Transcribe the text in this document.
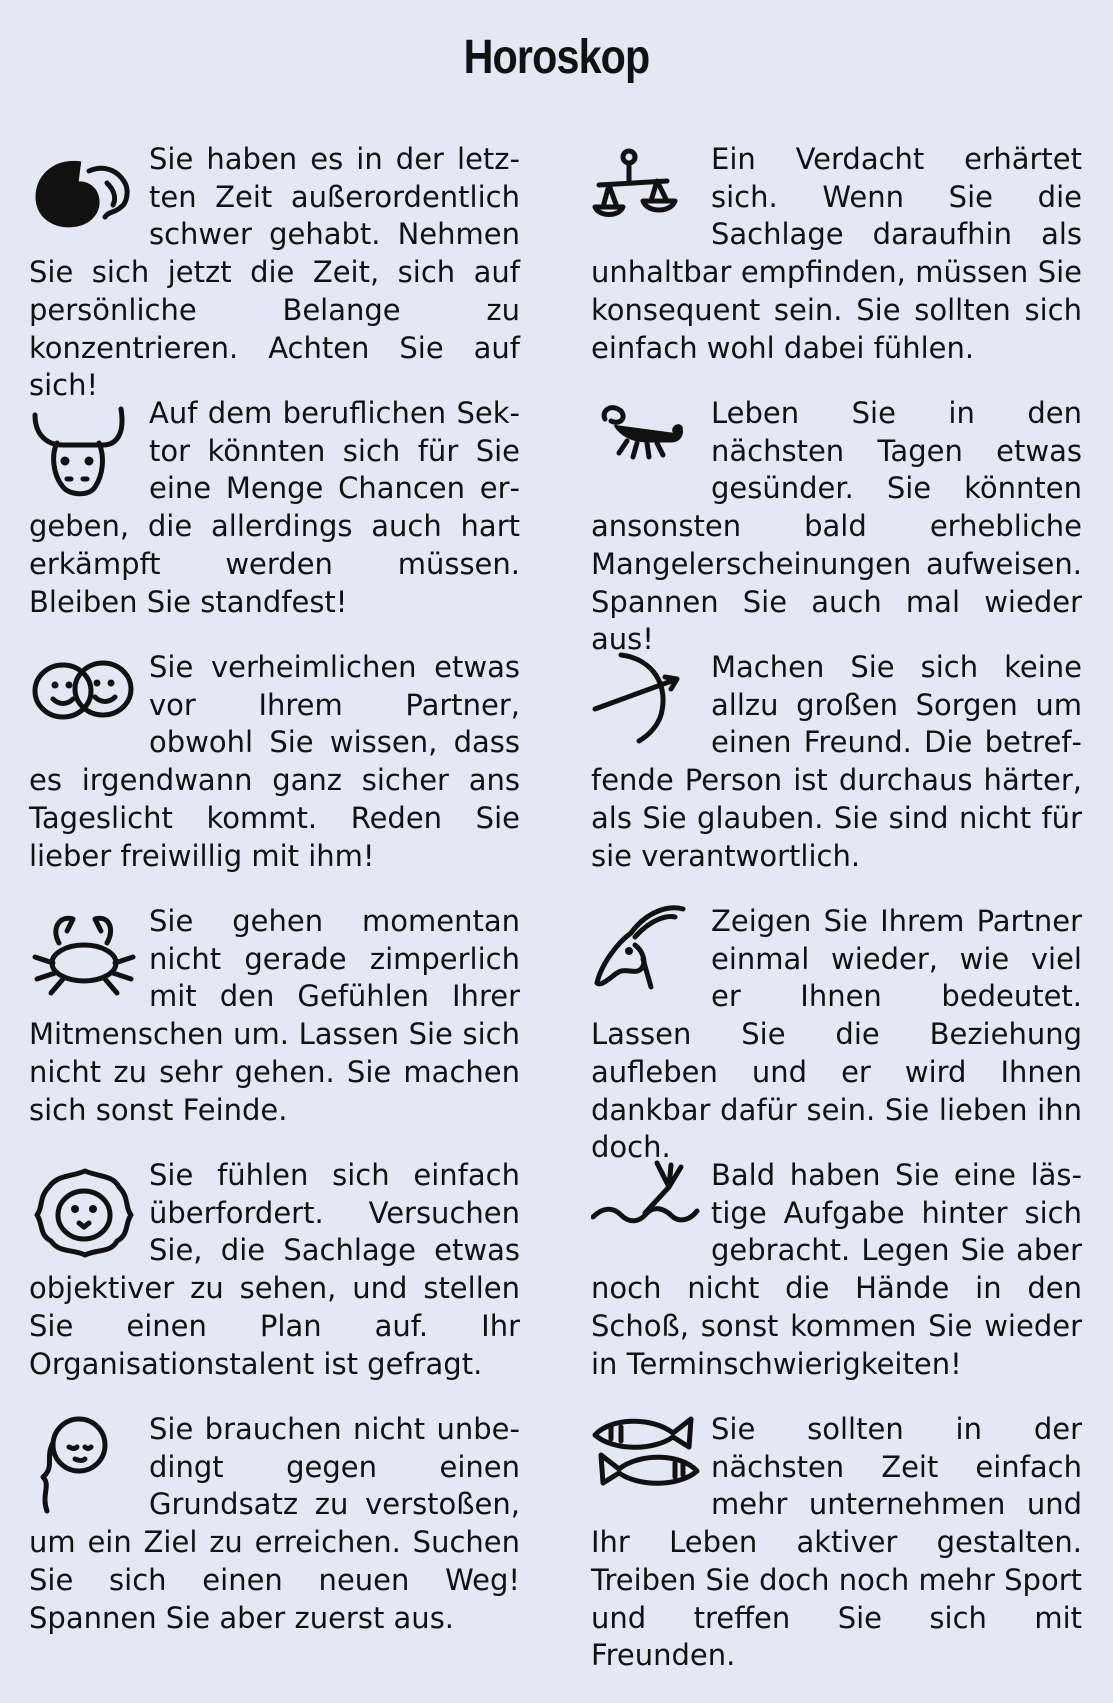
Horoskop

Sie haben es in der letzten Zeit außerordentlich schwer gehabt. Nehmen Sie sich jetzt die Zeit, sich auf persönliche Belange zu konzentrieren. Achten Sie auf sich!

Auf dem beruflichen Sektor könnten sich für Sie eine Menge Chancen ergeben, die allerdings auch hart erkämpft werden müssen. Bleiben Sie standfest!

Sie verheimlichen etwas vor Ihrem Partner, obwohl Sie wissen, dass es irgendwann ganz sicher ans Tageslicht kommt. Reden Sie lieber freiwillig mit ihm!

Sie gehen momentan nicht gerade zimperlich mit den Gefühlen Ihrer Mitmenschen um. Lassen Sie sich nicht zu sehr gehen. Sie machen sich sonst Feinde.

Sie fühlen sich einfach überfordert. Versuchen Sie, die Sachlage etwas objektiver zu sehen, und stellen Sie einen Plan auf. Ihr Organisationstalent ist gefragt.

Sie brauchen nicht unbedingt gegen einen Grundsatz zu verstoßen, um ein Ziel zu erreichen. Suchen Sie sich einen neuen Weg! Spannen Sie aber zuerst aus.

Ein Verdacht erhärtet sich. Wenn Sie die Sachlage daraufhin als unhaltbar empfinden, müssen Sie konsequent sein. Sie sollten sich einfach wohl dabei fühlen.

Leben Sie in den nächsten Tagen etwas gesünder. Sie könnten ansonsten bald erhebliche Mangelerscheinungen aufweisen. Spannen Sie auch mal wieder aus!

Machen Sie sich keine allzu großen Sorgen um einen Freund. Die betreffende Person ist durchaus härter, als Sie glauben. Sie sind nicht für sie verantwortlich.

Zeigen Sie Ihrem Partner einmal wieder, wie viel er Ihnen bedeutet. Lassen Sie die Beziehung aufleben und er wird Ihnen dankbar dafür sein. Sie lieben ihn doch.

Bald haben Sie eine lästige Aufgabe hinter sich gebracht. Legen Sie aber noch nicht die Hände in den Schoß, sonst kommen Sie wieder in Terminschwierigkeiten!

Sie sollten in der nächsten Zeit einfach mehr unternehmen und Ihr Leben aktiver gestalten. Treiben Sie doch noch mehr Sport und treffen Sie sich mit Freunden.
